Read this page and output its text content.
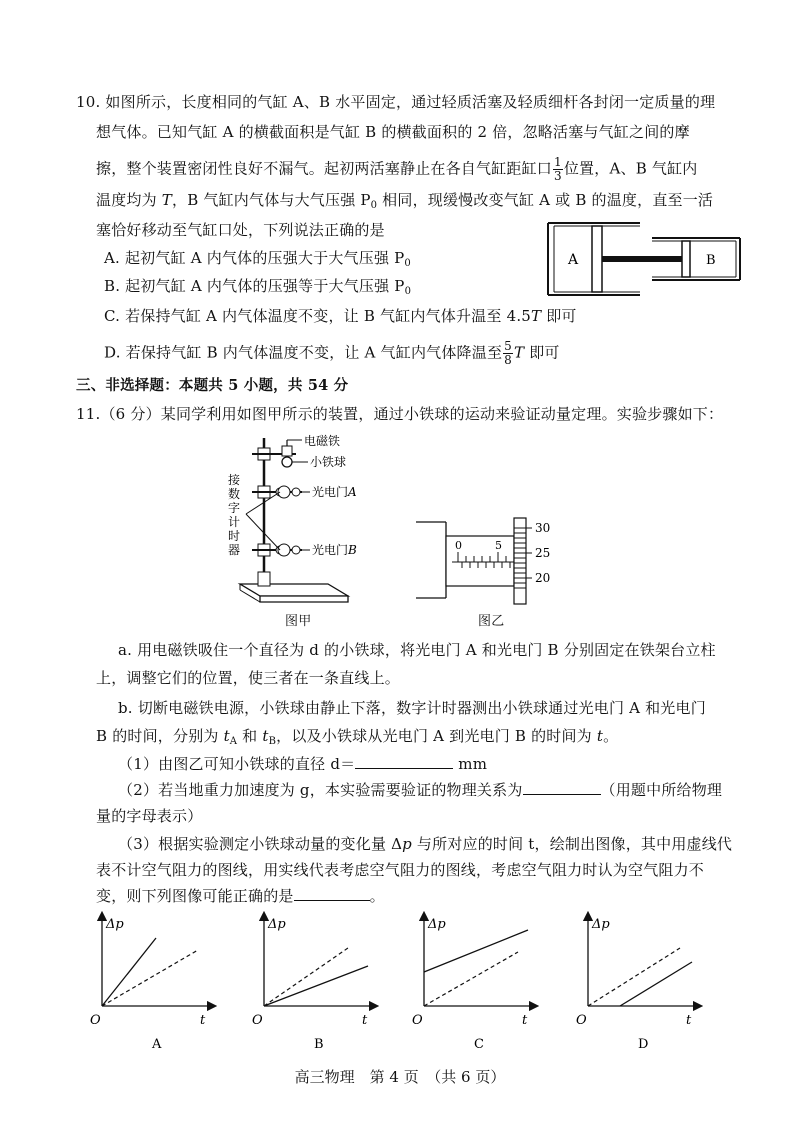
10. 如图所示，长度相同的气缸 A、B 水平固定，通过轻质活塞及轻质细杆各封闭一定质量的理
想气体。已知气缸 A 的横截面积是气缸 B 的横截面积的 2 倍，忽略活塞与气缸之间的摩
擦，整个装置密闭性良好不漏气。起初两活塞静止在各自气缸距缸口 $\frac{1}{3}$ 位置，A、B 气缸内
温度均为 T，B 气缸内气体与大气压强 $P_0$ 相同，现缓慢改变气缸 A 或 B 的温度，直至一活
塞恰好移动至气缸口处，下列说法正确的是
A. 起初气缸 A 内气体的压强大于大气压强 $P_0$
B. 起初气缸 A 内气体的压强等于大气压强 $P_0$
C. 若保持气缸 A 内气体温度不变，让 B 气缸内气体升温至 4.5T 即可
D. 若保持气缸 B 内气体温度不变，让 A 气缸内气体降温至 $\frac{5}{8}$ T 即可
A	B
三、非选择题：本题共 5 小题，共 54 分
11.（6 分）某同学利用如图甲所示的装置，通过小铁球的运动来验证动量定理。实验步骤如下：
电磁铁
小铁球
光电门A
光电门B
接
数
字
计
时
器
图甲
0	5
30
25
20
图乙
a. 用电磁铁吸住一个直径为 d 的小铁球，将光电门 A 和光电门 B 分别固定在铁架台立柱
上，调整它们的位置，使三者在一条直线上。
b. 切断电磁铁电源，小铁球由静止下落，数字计时器测出小铁球通过光电门 A 和光电门
B 的时间，分别为 $t_A$ 和 $t_B$，以及小铁球从光电门 A 到光电门 B 的时间为 t。
（1）由图乙可知小铁球的直径 d＝	mm
（2）若当地重力加速度为 g，本实验需要验证的物理关系为	（用题中所给物理
量的字母表示）
（3）根据实验测定小铁球动量的变化量 Δp 与所对应的时间 t，绘制出图像，其中用虚线代
表不计空气阻力的图线，用实线代表考虑空气阻力的图线，考虑空气阻力时认为空气阻力不
变，则下列图像可能正确的是	。
Δp
t
O
A
Δp
t
O
B
Δp
t
O
C
Δp
t
O
D
高三物理　第 4 页　（共 6 页）
